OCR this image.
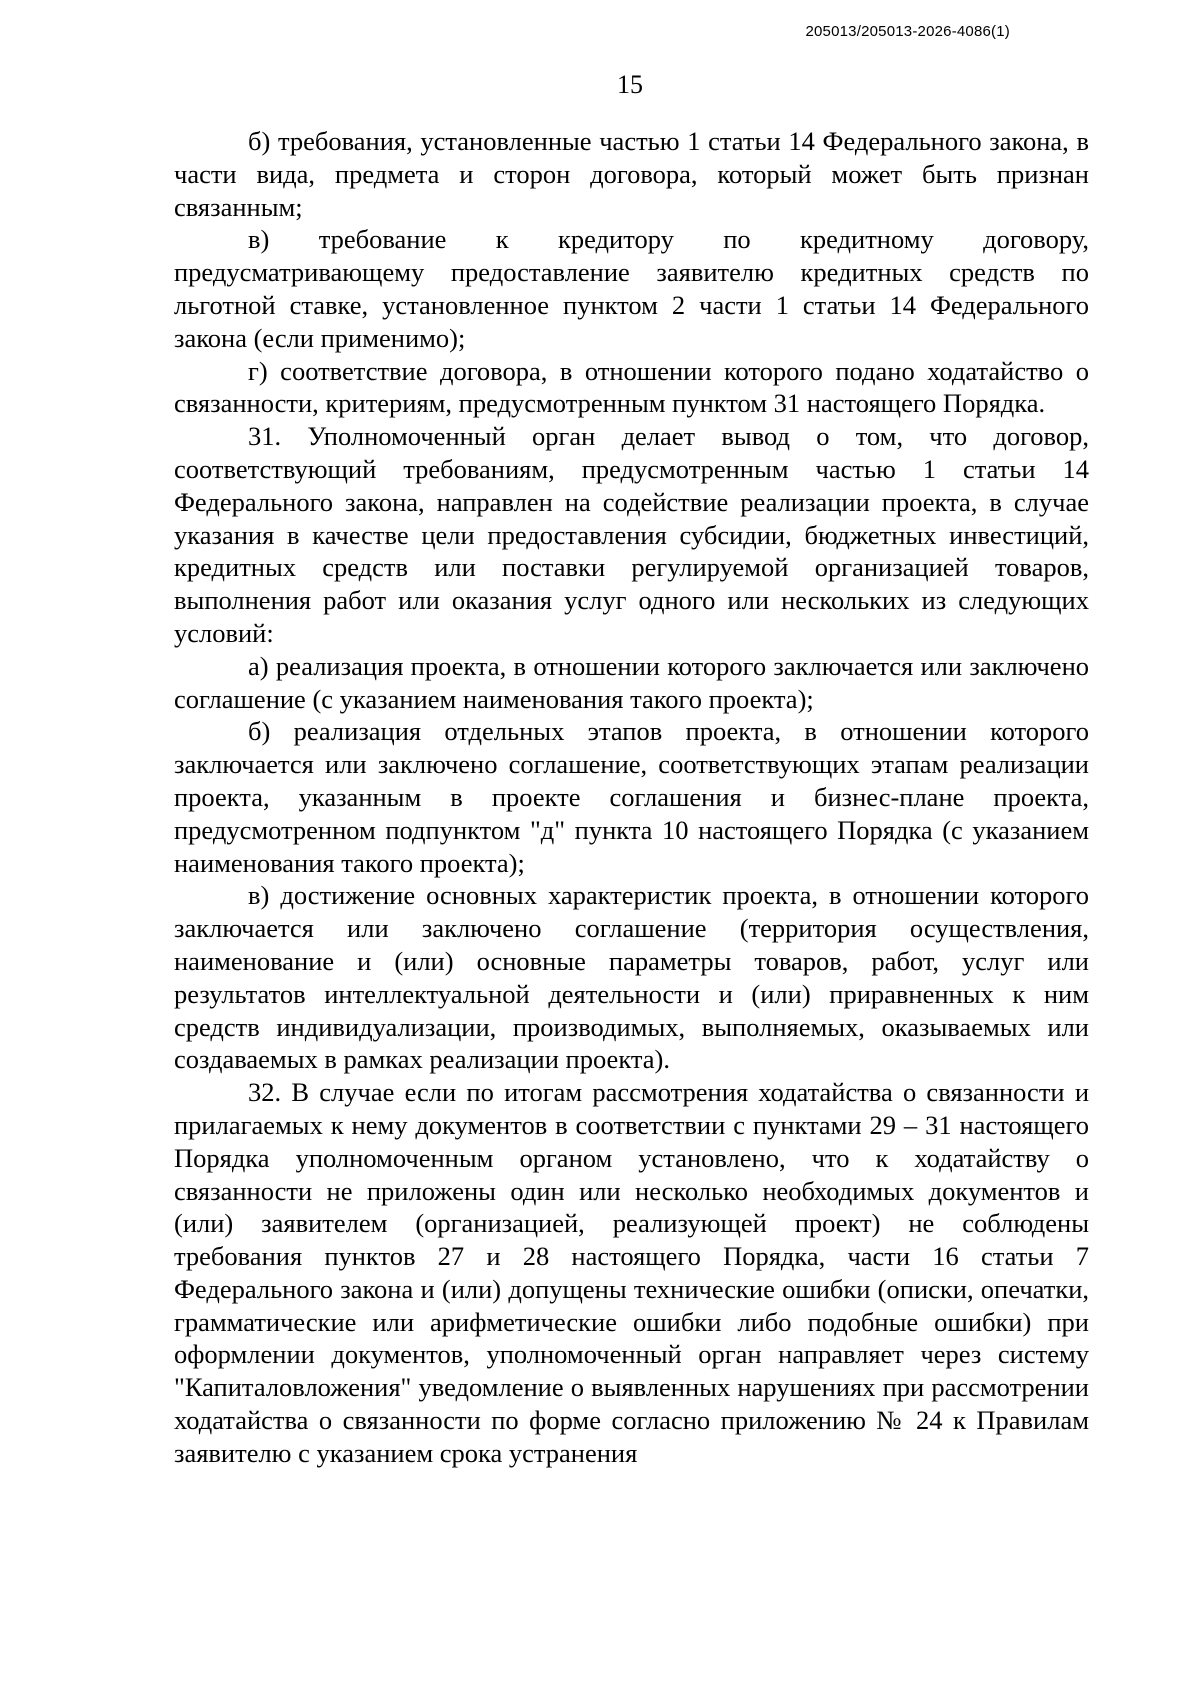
205013/205013-2026-4086(1)
15

б) требования, установленные частью 1 статьи 14 Федерального закона, в части вида, предмета и сторон договора, который может быть признан связанным;

в) требование к кредитору по кредитному договору, предусматривающему предоставление заявителю кредитных средств по льготной ставке, установленное пунктом 2 части 1 статьи 14 Федерального закона (если применимо);

г) соответствие договора, в отношении которого подано ходатайство о связанности, критериям, предусмотренным пунктом 31 настоящего Порядка.

31. Уполномоченный орган делает вывод о том, что договор, соответствующий требованиям, предусмотренным частью 1 статьи 14 Федерального закона, направлен на содействие реализации проекта, в случае указания в качестве цели предоставления субсидии, бюджетных инвестиций, кредитных средств или поставки регулируемой организацией товаров, выполнения работ или оказания услуг одного или нескольких из следующих условий:

а) реализация проекта, в отношении которого заключается или заключено соглашение (с указанием наименования такого проекта);

б) реализация отдельных этапов проекта, в отношении которого заключается или заключено соглашение, соответствующих этапам реализации проекта, указанным в проекте соглашения и бизнес-плане проекта, предусмотренном подпунктом "д" пункта 10 настоящего Порядка (с указанием наименования такого проекта);

в) достижение основных характеристик проекта, в отношении которого заключается или заключено соглашение (территория осуществления, наименование и (или) основные параметры товаров, работ, услуг или результатов интеллектуальной деятельности и (или) приравненных к ним средств индивидуализации, производимых, выполняемых, оказываемых или создаваемых в рамках реализации проекта).

32. В случае если по итогам рассмотрения ходатайства о связанности и прилагаемых к нему документов в соответствии с пунктами 29 – 31 настоящего Порядка уполномоченным органом установлено, что к ходатайству о связанности не приложены один или несколько необходимых документов и (или) заявителем (организацией, реализующей проект) не соблюдены требования пунктов 27 и 28 настоящего Порядка, части 16 статьи 7 Федерального закона и (или) допущены технические ошибки (описки, опечатки, грамматические или арифметические ошибки либо подобные ошибки) при оформлении документов, уполномоченный орган направляет через систему "Капиталовложения" уведомление о выявленных нарушениях при рассмотрении ходатайства о связанности по форме согласно приложению № 24 к Правилам заявителю с указанием срока устранения
